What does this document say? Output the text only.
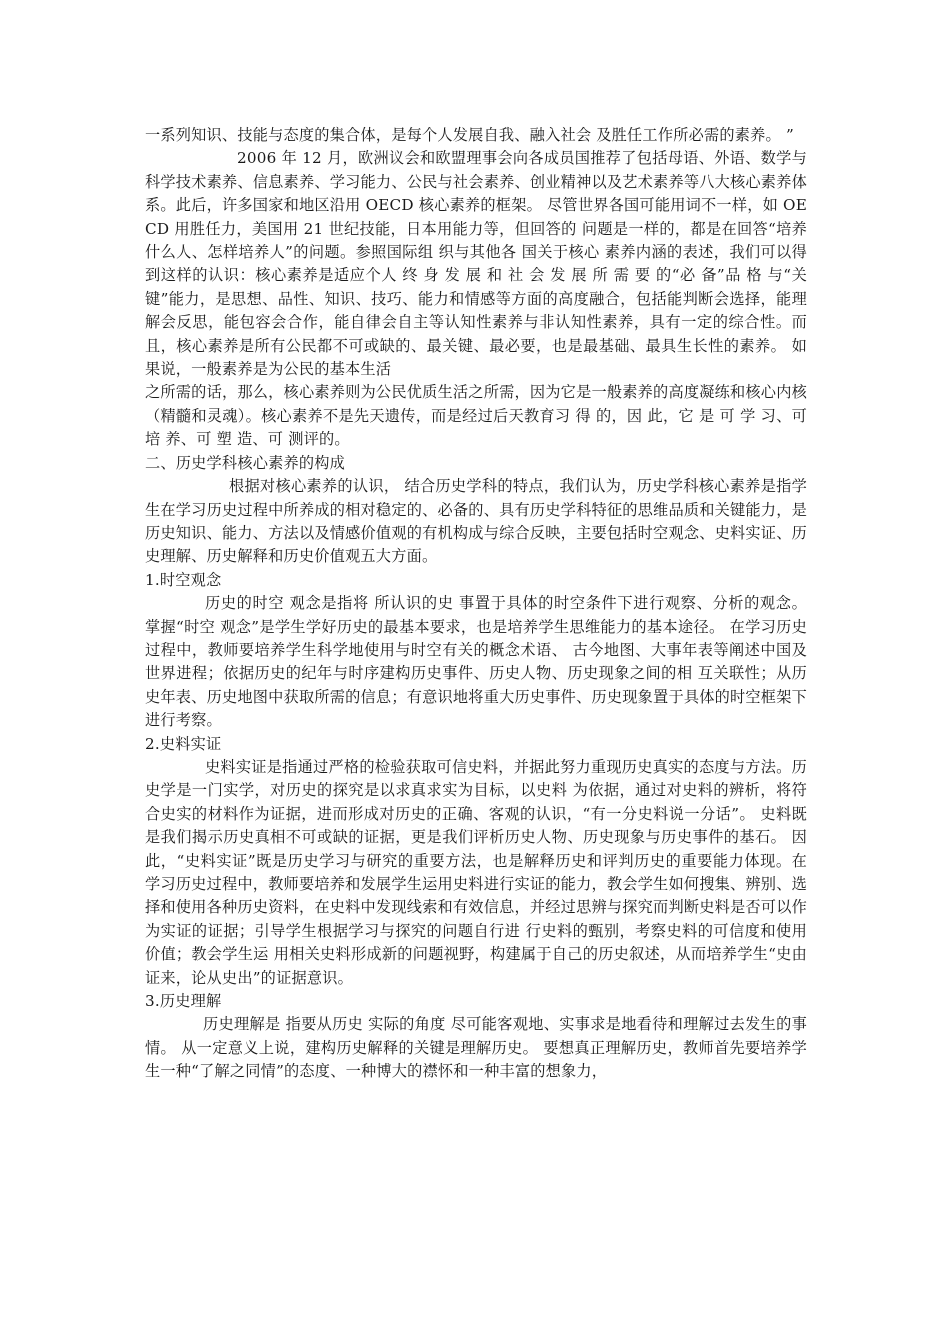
一系列知识、技能与态度的集合体，是每个人发展自我、融入社会 及胜任工作所必需的素养。 ”

2006 年 12 月，欧洲议会和欧盟理事会向各成员国推荐了包括母语、外语、数学与科学技术素养、信息素养、学习能力、公民与社会素养、创业精神以及艺术素养等八大核心素养体系。此后，许多国家和地区沿用 OECD 核心素养的框架。 尽管世界各国可能用词不一样，如 OECD 用胜任力，美国用 21 世纪技能，日本用能力等，但回答的 问题是一样的，都是在回答“培养什么人、怎样培养人”的问题。参照国际组 织与其他各 国关于核心 素养内涵的表述，我们可以得到这样的认识：核心素养是适应个人 终 身 发 展 和 社 会 发 展 所 需 要 的“必 备”品 格 与“关键”能力，是思想、品性、知识、技巧、能力和情感等方面的高度融合，包括能判断会选择，能理解会反思，能包容会合作，能自律会自主等认知性素养与非认知性素养，具有一定的综合性。而且，核心素养是所有公民都不可或缺的、最关键、最必要，也是最基础、最具生长性的素养。 如果说，一般素养是为公民的基本生活

之所需的话，那么，核心素养则为公民优质生活之所需，因为它是一般素养的高度凝练和核心内核（精髓和灵魂）。核心素养不是先天遗传，而是经过后天教育习 得 的，因 此，它 是 可 学 习、可 培 养、可 塑 造、可 测评的。

二、历史学科核心素养的构成

根据对核心素养的认识， 结合历史学科的特点，我们认为，历史学科核心素养是指学生在学习历史过程中所养成的相对稳定的、必备的、具有历史学科特征的思维品质和关键能力，是历史知识、能力、方法以及情感价值观的有机构成与综合反映，主要包括时空观念、史料实证、历史理解、历史解释和历史价值观五大方面。

1.时空观念

历史的时空 观念是指将 所认识的史 事置于具体的时空条件下进行观察、分析的观念。 掌握“时空 观念”是学生学好历史的最基本要求，也是培养学生思维能力的基本途径。 在学习历史过程中，教师要培养学生科学地使用与时空有关的概念术语、 古今地图、大事年表等阐述中国及世界进程；依据历史的纪年与时序建构历史事件、历史人物、历史现象之间的相 互关联性；从历史年表、历史地图中获取所需的信息；有意识地将重大历史事件、历史现象置于具体的时空框架下进行考察。

2.史料实证

史料实证是指通过严格的检验获取可信史料，并据此努力重现历史真实的态度与方法。历史学是一门实学，对历史的探究是以求真求实为目标，以史料 为依据，通过对史料的辨析，将符合史实的材料作为证据，进而形成对历史的正确、客观的认识，“有一分史料说一分话”。 史料既是我们揭示历史真相不可或缺的证据，更是我们评析历史人物、历史现象与历史事件的基石。 因此，“史料实证”既是历史学习与研究的重要方法，也是解释历史和评判历史的重要能力体现。在学习历史过程中，教师要培养和发展学生运用史料进行实证的能力，教会学生如何搜集、辨别、选择和使用各种历史资料，在史料中发现线索和有效信息，并经过思辨与探究而判断史料是否可以作为实证的证据；引导学生根据学习与探究的问题自行进 行史料的甄别，考察史料的可信度和使用价值；教会学生运 用相关史料形成新的问题视野，构建属于自己的历史叙述，从而培养学生“史由证来，论从史出”的证据意识。

3.历史理解

历史理解是 指要从历史 实际的角度 尽可能客观地、实事求是地看待和理解过去发生的事情。 从一定意义上说，建构历史解释的关键是理解历史。 要想真正理解历史，教师首先要培养学生一种“了解之同情”的态度、一种博大的襟怀和一种丰富的想象力，
